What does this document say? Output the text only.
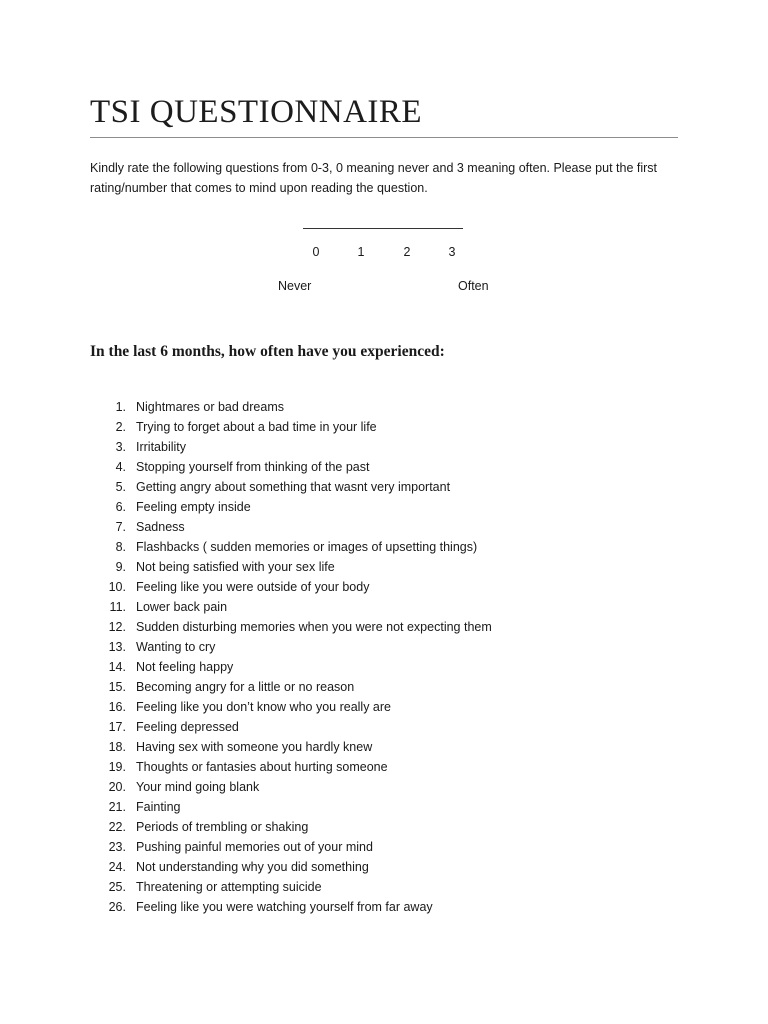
TSI QUESTIONNAIRE
Kindly rate the following questions from 0-3, 0 meaning never and 3 meaning often. Please put the first
rating/number that comes to mind upon reading the question.
0	1	2	3
Never	Often
In the last 6 months, how often have you experienced:
1. Nightmares or bad dreams
2. Trying to forget about a bad time in your life
3. Irritability
4. Stopping yourself from thinking of the past
5. Getting angry about something that wasnt very important
6. Feeling empty inside
7. Sadness
8. Flashbacks ( sudden memories or images of upsetting things)
9. Not being satisfied with your sex life
10. Feeling like you were outside of your body
11. Lower back pain
12. Sudden disturbing memories when you were not expecting them
13. Wanting to cry
14. Not feeling happy
15. Becoming angry for a little or no reason
16. Feeling like you don’t know who you really are
17. Feeling depressed
18. Having sex with someone you hardly knew
19. Thoughts or fantasies about hurting someone
20. Your mind going blank
21. Fainting
22. Periods of trembling or shaking
23. Pushing painful memories out of your mind
24. Not understanding why you did something
25. Threatening or attempting suicide
26. Feeling like you were watching yourself from far away
